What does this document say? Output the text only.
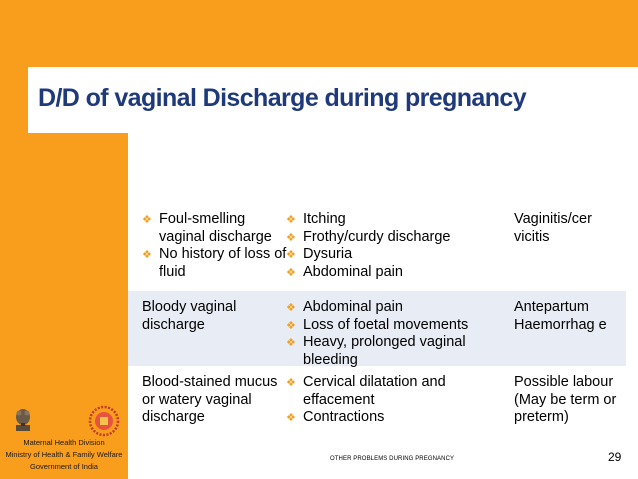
D/D of vaginal Discharge during pregnancy
❖ Foul-smelling vaginal discharge
❖ No history of loss of fluid
❖ Itching
❖ Frothy/curdy discharge
❖ Dysuria
❖ Abdominal pain
Vaginitis/cer vicitis
Bloody vaginal discharge
❖ Abdominal pain
❖ Loss of foetal movements
❖ Heavy, prolonged vaginal bleeding
Antepartum Haemorrhag e
Blood-stained mucus or watery vaginal discharge
❖ Cervical dilatation and effacement
❖ Contractions
Possible labour (May be term or preterm)
Maternal Health Division
Ministry of Health & Family Welfare
Government of India
OTHER PROBLEMS DURING PREGNANCY	29
